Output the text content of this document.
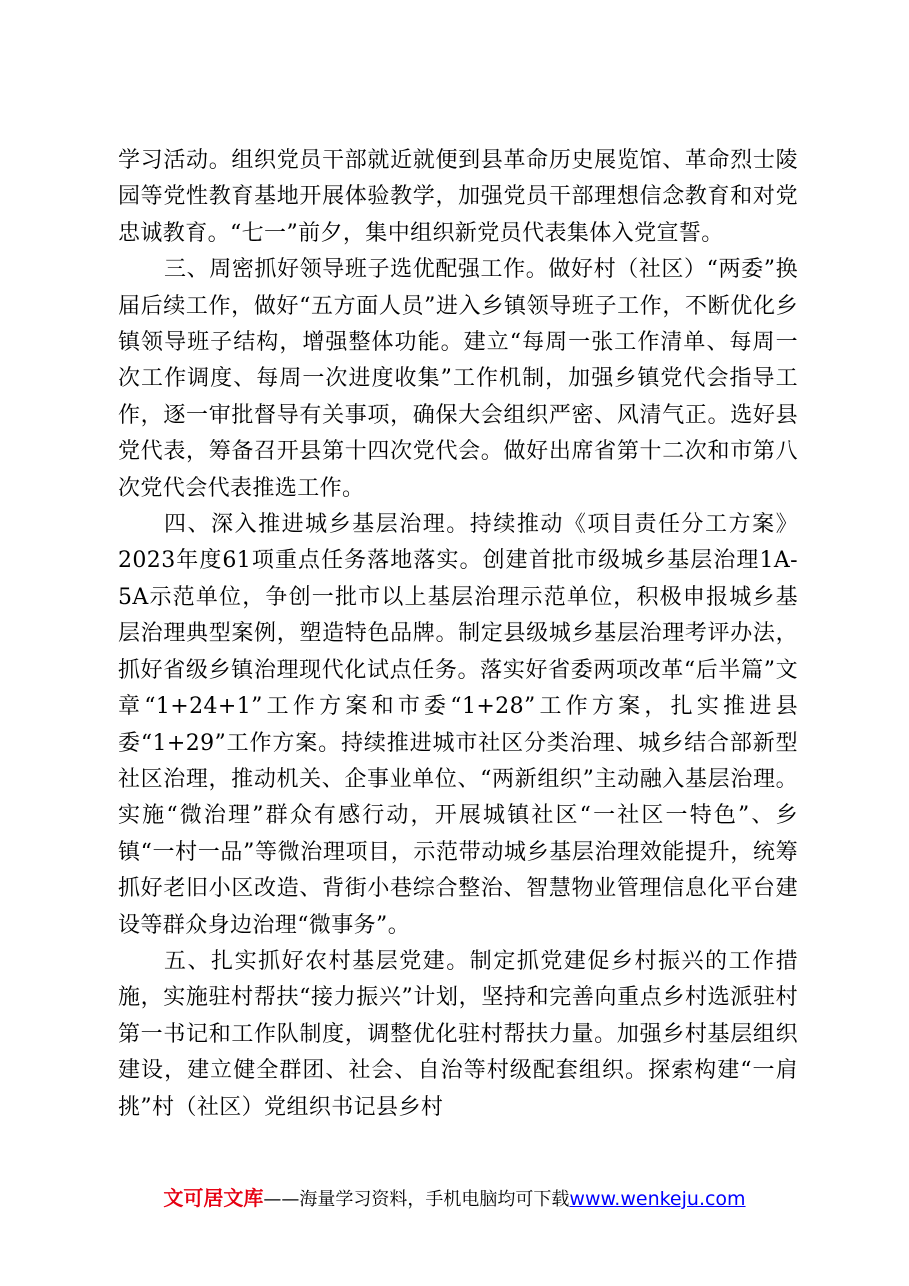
学习活动。组织党员干部就近就便到县革命历史展览馆、革命烈士陵园等党性教育基地开展体验教学，加强党员干部理想信念教育和对党忠诚教育。“七一”前夕，集中组织新党员代表集体入党宣誓。

三、周密抓好领导班子选优配强工作。做好村（社区）“两委”换届后续工作，做好“五方面人员”进入乡镇领导班子工作，不断优化乡镇领导班子结构，增强整体功能。建立“每周一张工作清单、每周一次工作调度、每周一次进度收集”工作机制，加强乡镇党代会指导工作，逐一审批督导有关事项，确保大会组织严密、风清气正。选好县党代表，筹备召开县第十四次党代会。做好出席省第十二次和市第八次党代会代表推选工作。

四、深入推进城乡基层治理。持续推动《项目责任分工方案》2023年度61项重点任务落地落实。创建首批市级城乡基层治理1A-5A示范单位，争创一批市以上基层治理示范单位，积极申报城乡基层治理典型案例，塑造特色品牌。制定县级城乡基层治理考评办法，抓好省级乡镇治理现代化试点任务。落实好省委两项改革“后半篇”文章“1+24+1”工作方案和市委“1+28”工作方案，扎实推进县委“1+29”工作方案。持续推进城市社区分类治理、城乡结合部新型社区治理，推动机关、企事业单位、“两新组织”主动融入基层治理。实施“微治理”群众有感行动，开展城镇社区“一社区一特色”、乡镇“一村一品”等微治理项目，示范带动城乡基层治理效能提升，统筹抓好老旧小区改造、背街小巷综合整治、智慧物业管理信息化平台建设等群众身边治理“微事务”。

五、扎实抓好农村基层党建。制定抓党建促乡村振兴的工作措施，实施驻村帮扶“接力振兴”计划，坚持和完善向重点乡村选派驻村第一书记和工作队制度，调整优化驻村帮扶力量。加强乡村基层组织建设，建立健全群团、社会、自治等村级配套组织。探索构建“一肩挑”村（社区）党组织书记县乡村

文可居文库——海量学习资料，手机电脑均可下载www.wenkeju.com
